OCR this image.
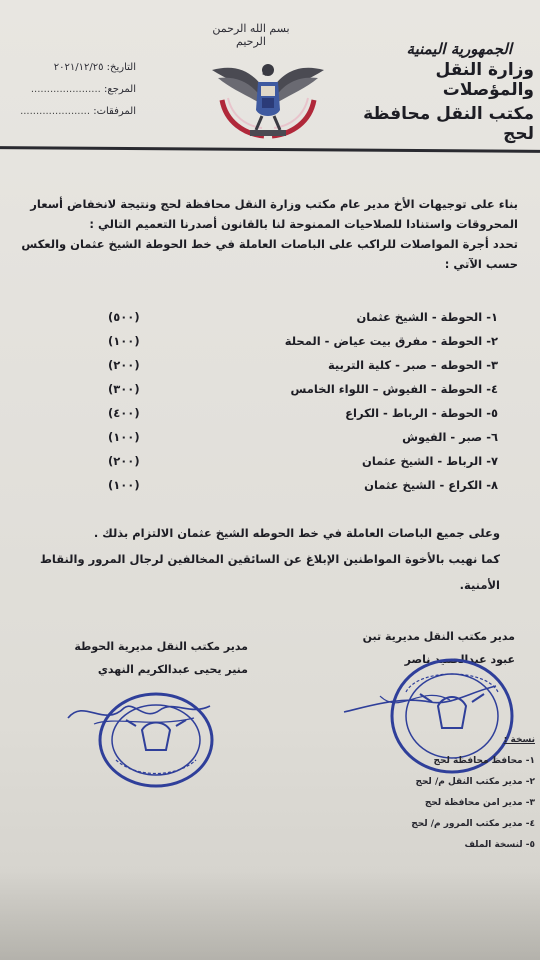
بسم الله الرحمن الرحيم	الجمهورية اليمنية
وزارة النقل والمؤصلات
مكتب النقل محافظة لحج
التاريخ: ٢٠٢١/١٢/٢٥
المرجع: ......................
المرفقات: ......................

بناء على توجيهات الأخ مدير عام مكتب وزارة النقل محافظة لحج ونتيجة لانخفاض أسعار المحروقات واستنادا للصلاحيات الممنوحة لنا بالقانون أصدرنا التعميم التالي :

تحدد أجرة المواصلات للراكب على الباصات العاملة في خط الحوطة الشيخ عثمان والعكس حسب الآتي :

١- الحوطة - الشيخ عثمان
(٥٠٠)
٢- الحوطة - مفرق بيت عياض - المحلة
(١٠٠)
٣- الحوطه – صبر - كلية التربية
(٢٠٠)
٤- الحوطة – الفيوش – اللواء الخامس
(٣٠٠)
٥- الحوطة - الرباط - الكراع
(٤٠٠)
٦- صبر - الفيوش
(١٠٠)
٧- الرباط - الشيخ عثمان
(٢٠٠)
٨- الكراع - الشيخ عثمان
(١٠٠)

وعلى جميع الباصات العاملة في خط الحوطه الشيخ عثمان الالتزام بذلك .

كما نهيب بالأخوة المواطنين الإبلاغ عن السائقين المخالفين لرجال المرور والنقاط الأمنية.

مدير مكتب النقل مديرية الحوطة
منير يحيى عبدالكريم النهدي
مدير مكتب النقل مديرية تبن
عبود عبدالحميد ناصر
نسخة :
١- محافظ محافظة لحج
٢- مدير مكتب النقل م/ لحج
٣- مدير امن محافظة لحج
٤- مدير مكتب المرور م/ لحج
٥- لنسخة الملف
